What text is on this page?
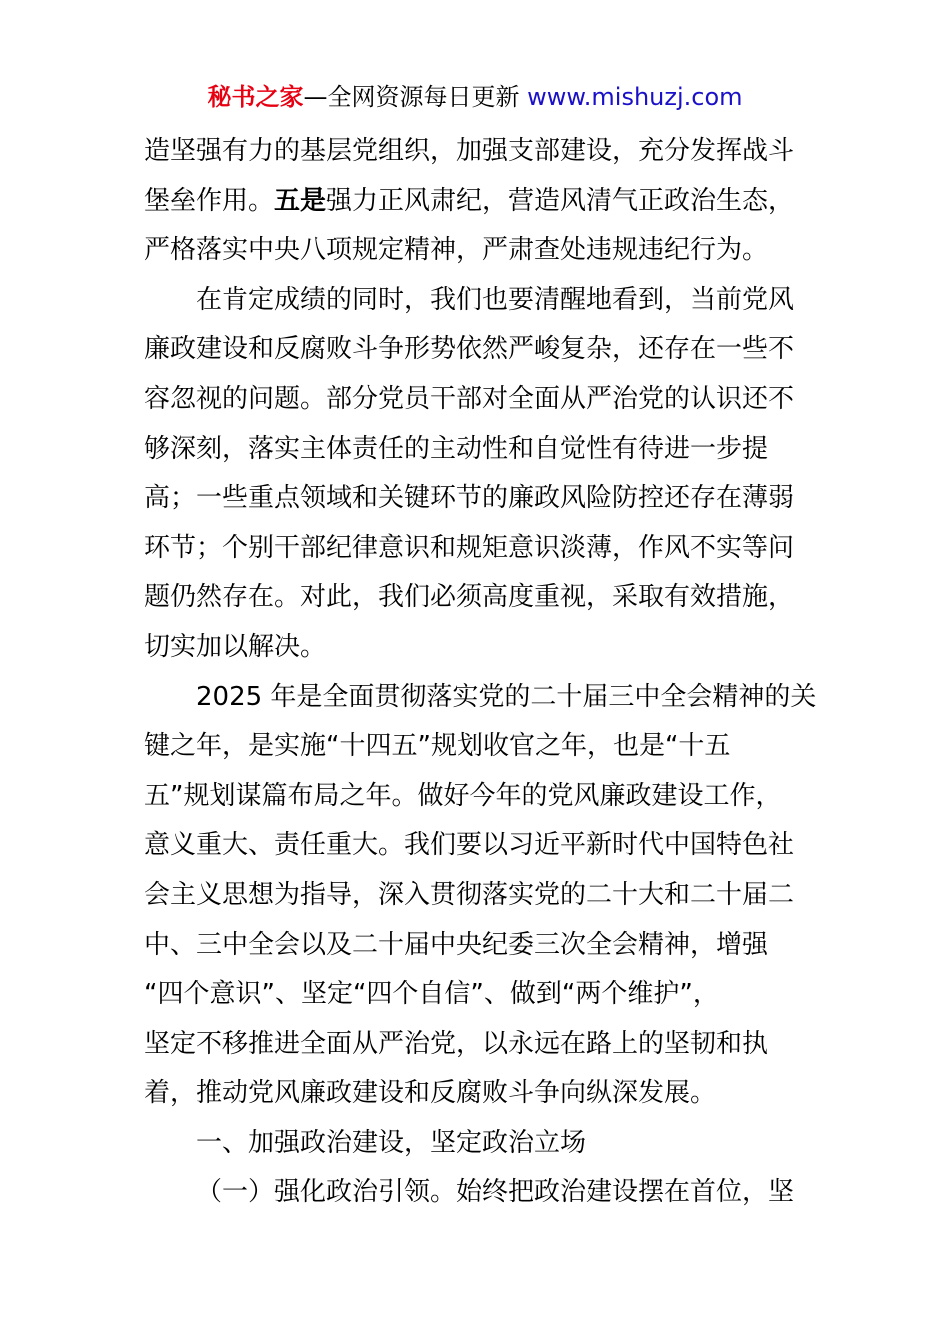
秘书之家—全网资源每日更新 www.mishuzj.com
造坚强有力的基层党组织，加强支部建设，充分发挥战斗
堡垒作用。五是强力正风肃纪，营造风清气正政治生态，
严格落实中央八项规定精神，严肃查处违规违纪行为。
在肯定成绩的同时，我们也要清醒地看到，当前党风
廉政建设和反腐败斗争形势依然严峻复杂，还存在一些不
容忽视的问题。部分党员干部对全面从严治党的认识还不
够深刻，落实主体责任的主动性和自觉性有待进一步提
高；一些重点领域和关键环节的廉政风险防控还存在薄弱
环节；个别干部纪律意识和规矩意识淡薄，作风不实等问
题仍然存在。对此，我们必须高度重视，采取有效措施，
切实加以解决。
2025 年是全面贯彻落实党的二十届三中全会精神的关
键之年，是实施“十四五”规划收官之年，也是“十五
五”规划谋篇布局之年。做好今年的党风廉政建设工作，
意义重大、责任重大。我们要以习近平新时代中国特色社
会主义思想为指导，深入贯彻落实党的二十大和二十届二
中、三中全会以及二十届中央纪委三次全会精神，增强
“四个意识”、坚定“四个自信”、做到“两个维护”，
坚定不移推进全面从严治党，以永远在路上的坚韧和执
着，推动党风廉政建设和反腐败斗争向纵深发展。
一、加强政治建设，坚定政治立场
（一）强化政治引领。始终把政治建设摆在首位，坚
